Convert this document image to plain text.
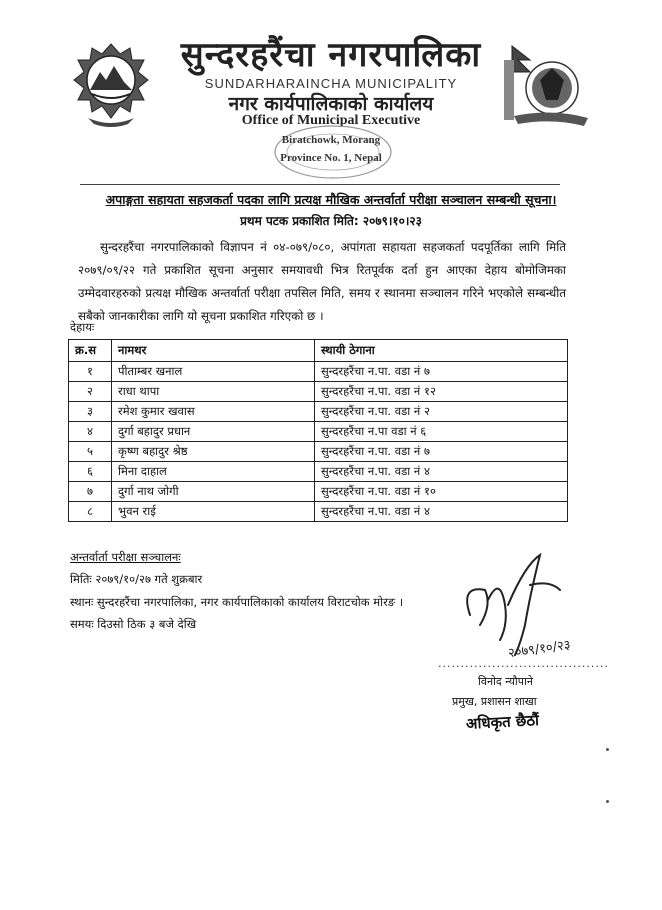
सुन्दरहरैंचा नगरपालिका
SUNDARHARAINCHA MUNICIPALITY
नगर कार्यपालिकाको कार्यालय
Office of Municipal Executive
Biratchowk, Morang
Province No. 1, Nepal
अपाङ्गता सहायता सहजकर्ता पदका लागि प्रत्यक्ष मौखिक अन्तर्वार्ता परीक्षा सञ्चालन सम्बन्धी सूचना।
प्रथम पटक प्रकाशित मिति: २०७९।१०।२३
सुन्दरहरैंचा नगरपालिकाको विज्ञापन नं ०४-०७९/०८०, अपांगता सहायता सहजकर्ता पदपूर्तिका लागि मिति २०७९/०९/२२ गते प्रकाशित सूचना अनुसार समयावधी भित्र रितपूर्वक दर्ता हुन आएका देहाय बोमोजिमका उम्मेदवारहरुको प्रत्यक्ष मौखिक अन्तर्वार्ता परीक्षा तपसिल मिति, समय र स्थानमा सञ्चालन गरिने भएकोले सम्बन्धीत सबैको जानकारीका लागि यो सूचना प्रकाशित गरिएको छ ।
देहायः
क्र.स	नामथर	स्थायी ठेगाना
१	पीताम्बर खनाल	सुन्दरहरैंचा न.पा. वडा नं ७
२	राधा थापा	सुन्दरहरैंचा न.पा. वडा नं १२
३	रमेश कुमार खवास	सुन्दरहरैंचा न.पा. वडा नं २
४	दुर्गा बहादुर प्रधान	सुन्दरहरैंचा न.पा वडा नं ६
५	कृष्ण बहादुर श्रेष्ठ	सुन्दरहरैंचा न.पा. वडा नं ७
६	मिना दाहाल	सुन्दरहरैंचा न.पा. वडा नं ४
७	दुर्गा नाथ जोगी	सुन्दरहरैंचा न.पा. वडा नं १०
८	भुवन राई	सुन्दरहरैंचा न.पा. वडा नं ४
अन्तर्वार्ता परीक्षा सञ्चालनः
मितिः २०७९/१०/२७ गते शुक्रबार
स्थानः सुन्दरहरैंचा नगरपालिका, नगर कार्यपालिकाको कार्यालय विराटचोक मोरङ ।
समयः दिउसो ठिक ३ बजे देखि
२०७९/१०/२३
......................................
विनोद न्यौपाने
प्रमुख, प्रशासन शाखा
अधिकृत छैठौं
